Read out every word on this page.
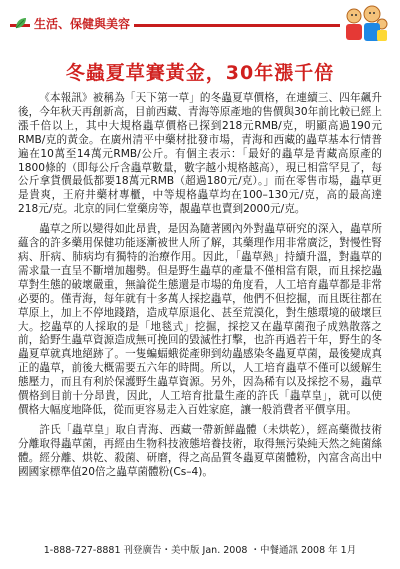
生活、保健與美容
冬蟲夏草賽黃金，30年漲千倍

《本報訊》被稱為「天下第一草」的冬蟲夏草價格，在連續三、四年飆升後，今年秋天再創新高，目前西藏、青海等原產地的售價與30年前比較已經上漲千倍以上，其中大規格蟲草價格已探到218元RMB/克，明顯高過190元RMB/克的黃金。在廣州清平中藥材批發市場，青海和西藏的蟲草基本行情普遍在10萬至14萬元RMB/公斤。有個主表示：「最好的蟲草是青藏高原產的1800條的（即每公斤含蟲草數量，數字越小規格越高），現已相當罕見了，每公斤拿貨價最低都要18萬元RMB（超過180元/克）。」而在零售市場，蟲草更是貴爽，王府井藥材專櫃，中等規格蟲草均在100–130元/克，高的最高達218元/克。北京的同仁堂藥房等，靚蟲草也賣到2000元/克。

蟲草之所以變得如此昂貴，是因為隨著國內外對蟲草研究的深入，蟲草所蘊含的許多藥用保健功能逐漸被世人所了解，其藥理作用非常廣泛，對慢性腎病、肝病、肺病均有獨特的治療作用。因此，「蟲草熱」持續升溫，對蟲草的需求量一直呈不斷增加趨勢。但是野生蟲草的產量不僅相當有限，而且採挖蟲草對生態的破壞嚴重，無論從生態還是市場的角度看，人工培育蟲草都是非常必要的。僅青海，每年就有十多萬人採挖蟲草，他們不但挖掘，而且既往都在草原上，加上不停地踐踏，造成草原退化、甚至荒漠化，對生態環境的破壞巨大。挖蟲草的人採取的是「地毯式」挖掘，採挖又在蟲草菌孢子成熟散落之前，給野生蟲草資源造成無可挽回的毀滅性打擊，也許再過若干年，野生的冬蟲夏草就真地絕跡了。一隻蝙蝠蛾從產卵到幼蟲感染冬蟲夏草菌，最後變成真正的蟲草，前後大概需要五六年的時間。所以，人工培育蟲草不僅可以緩解生態壓力，而且有利於保護野生蟲草資源。另外，因為稀有以及採挖不易，蟲草價格到目前十分昂貴，因此，人工培育批量生產的許氏「蟲草皇」，就可以使價格大幅度地降低，從而更容易走入百姓家庭，讓一般消費者平價享用。

許氏「蟲草皇」取自青海、西藏一帶新鮮蟲體（未烘乾），經高藥微技術分離取得蟲草菌，再經由生物科技液態培養技術，取得無污染純天然之純菌絲體。經分離、烘乾、殺菌、研磨，得之高品質冬蟲夏草菌體粉，內富含高出中國國家標準值20倍之蟲草菌體粉(Cs–4)。

1-888-727-8881 刊登廣告・美中版 Jan. 2008 ・中餐通訊 2008 年 1月
